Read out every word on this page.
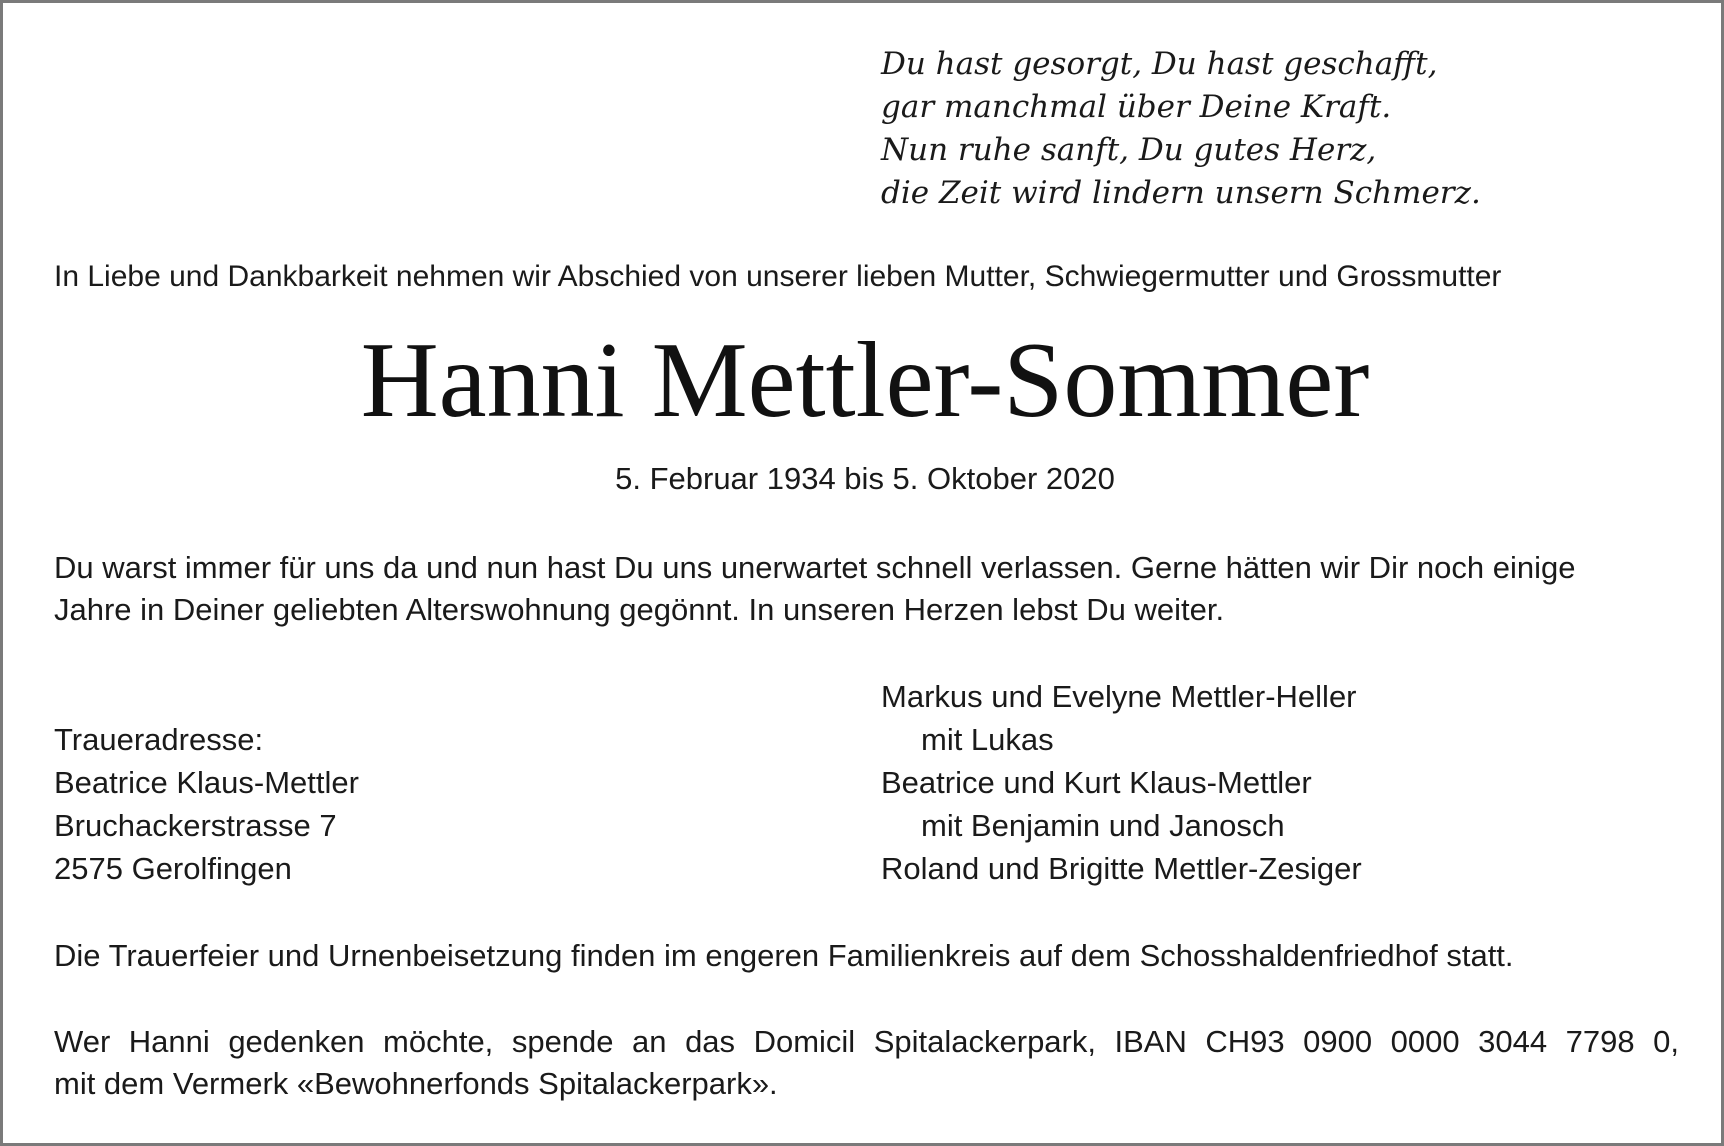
Du hast gesorgt, Du hast geschafft,
gar manchmal über Deine Kraft.
Nun ruhe sanft, Du gutes Herz,
die Zeit wird lindern unsern Schmerz.
In Liebe und Dankbarkeit nehmen wir Abschied von unserer lieben Mutter, Schwiegermutter und Grossmutter
Hanni Mettler-Sommer
5. Februar 1934 bis 5. Oktober 2020
Du warst immer für uns da und nun hast Du uns unerwartet schnell verlassen. Gerne hätten wir Dir noch einige
Jahre in Deiner geliebten Alterswohnung gegönnt. In unseren Herzen lebst Du weiter.
Traueradresse:
Beatrice Klaus-Mettler
Bruchackerstrasse 7
2575 Gerolfingen
Markus und Evelyne Mettler-Heller
mit Lukas
Beatrice und Kurt Klaus-Mettler
mit Benjamin und Janosch
Roland und Brigitte Mettler-Zesiger
Die Trauerfeier und Urnenbeisetzung finden im engeren Familienkreis auf dem Schosshaldenfriedhof statt.
Wer Hanni gedenken möchte, spende an das Domicil Spitalackerpark, IBAN CH93 0900 0000 3044 7798 0,
mit dem Vermerk «Bewohnerfonds Spitalackerpark».
